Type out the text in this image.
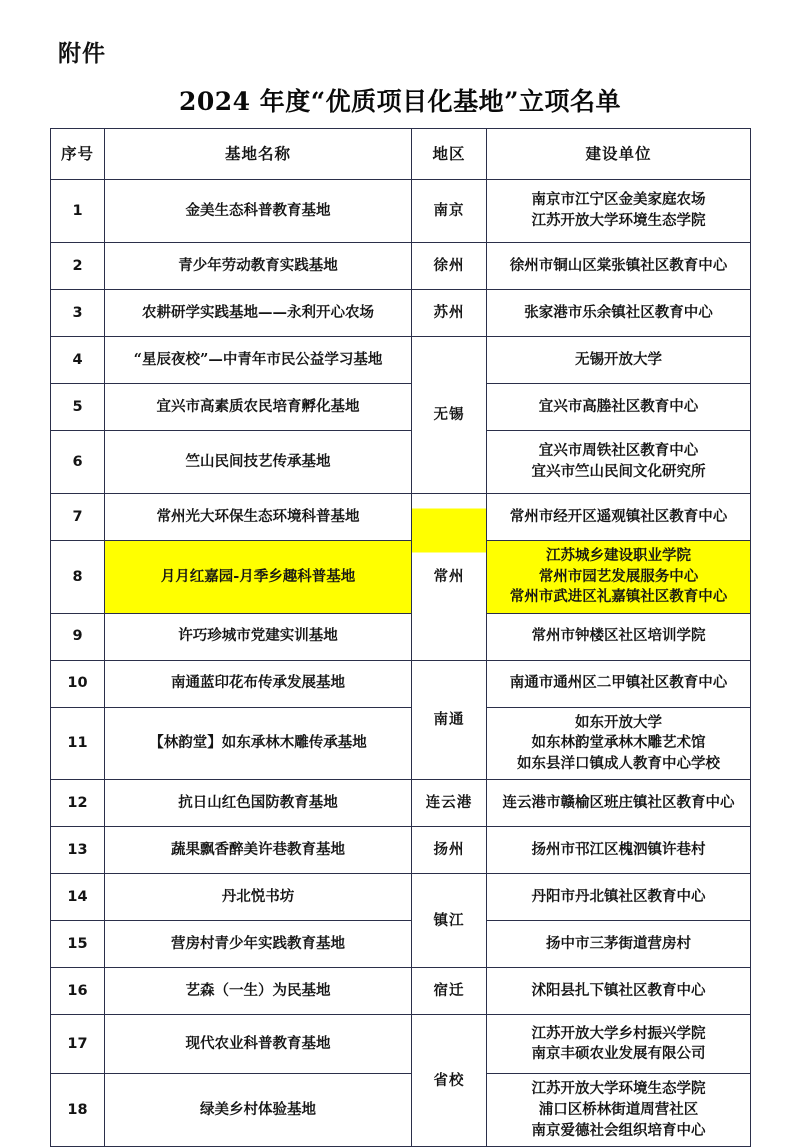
附件
2024 年度“优质项目化基地”立项名单
序号	基地名称	地区	建设单位
1	金美生态科普教育基地	南京	南京市江宁区金美家庭农场
江苏开放大学环境生态学院

2	青少年劳动教育实践基地	徐州	徐州市铜山区棠张镇社区教育中心

3	农耕研学实践基地——永利开心农场	苏州	张家港市乐余镇社区教育中心

4	“星辰夜校”—中青年市民公益学习基地	无锡	无锡开放大学

5	宜兴市高素质农民培育孵化基地		宜兴市高塍社区教育中心

6	竺山民间技艺传承基地		宜兴市周铁社区教育中心
宜兴市竺山民间文化研究所

7	常州光大环保生态环境科普基地	常州	常州市经开区遥观镇社区教育中心

8	月月红嘉园-月季乡趣科普基地		江苏城乡建设职业学院
常州市园艺发展服务中心
常州市武进区礼嘉镇社区教育中心

9	许巧珍城市党建实训基地		常州市钟楼区社区培训学院

10	南通蓝印花布传承发展基地	南通	南通市通州区二甲镇社区教育中心

11	【林韵堂】如东承林木雕传承基地		如东开放大学
如东林韵堂承林木雕艺术馆
如东县洋口镇成人教育中心学校

12	抗日山红色国防教育基地	连云港	连云港市赣榆区班庄镇社区教育中心

13	蔬果飘香醉美许巷教育基地	扬州	扬州市邗江区槐泗镇许巷村

14	丹北悦书坊	镇江	丹阳市丹北镇社区教育中心

15	营房村青少年实践教育基地		扬中市三茅街道营房村

16	艺森（一生）为民基地	宿迁	沭阳县扎下镇社区教育中心

17	现代农业科普教育基地	省校	江苏开放大学乡村振兴学院
南京丰硕农业发展有限公司

18	绿美乡村体验基地		江苏开放大学环境生态学院
浦口区桥林街道周营社区
南京爱德社会组织培育中心
